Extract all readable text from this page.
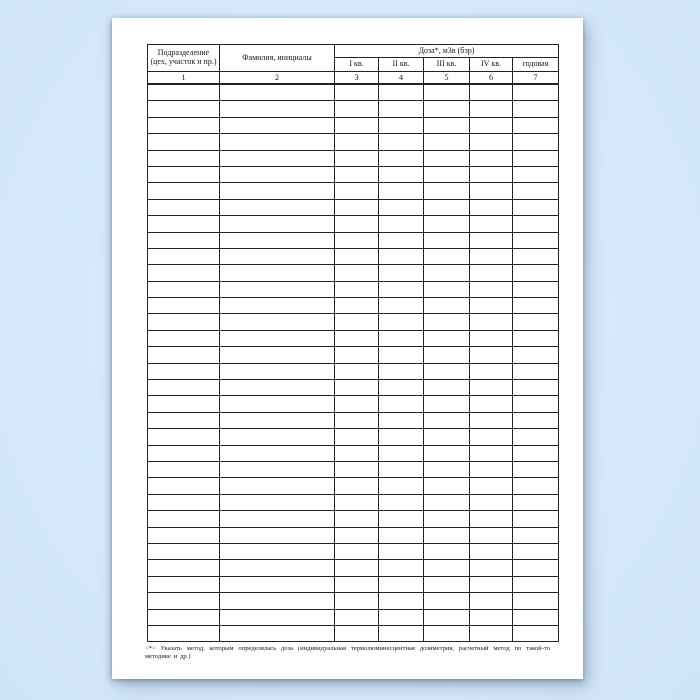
Подразделение (цех, участок и пр.)	Фамилия, инициалы	Доза*, мЗв (бэр)				
		I кв.	II кв.	III кв.	IV кв.	годовая
1	2	3	4	5	6	7

<*> Указать метод, которым определялась доза (индивидуальная термолюминесцентная дозиметрия, расчетный метод по такой-то методике и др.)
